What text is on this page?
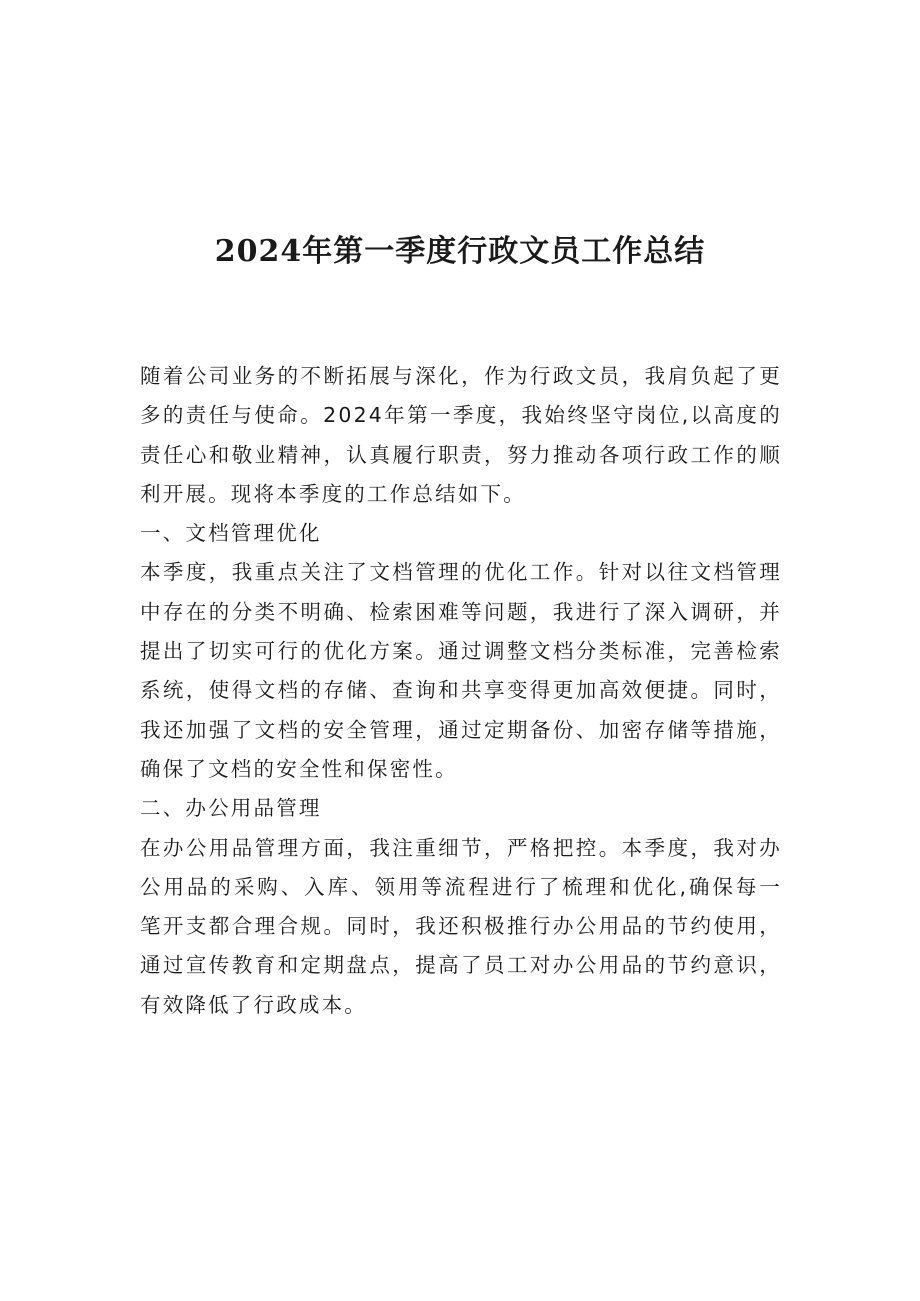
2024年第一季度行政文员工作总结

随着公司业务的不断拓展与深化，作为行政文员，我肩负起了更多的责任与使命。2024年第一季度，我始终坚守岗位,以高度的责任心和敬业精神，认真履行职责，努力推动各项行政工作的顺利开展。现将本季度的工作总结如下。

一、文档管理优化

本季度，我重点关注了文档管理的优化工作。针对以往文档管理中存在的分类不明确、检索困难等问题，我进行了深入调研，并提出了切实可行的优化方案。通过调整文档分类标准，完善检索系统，使得文档的存储、查询和共享变得更加高效便捷。同时，我还加强了文档的安全管理，通过定期备份、加密存储等措施，确保了文档的安全性和保密性。

二、办公用品管理

在办公用品管理方面，我注重细节，严格把控。本季度，我对办公用品的采购、入库、领用等流程进行了梳理和优化,确保每一笔开支都合理合规。同时，我还积极推行办公用品的节约使用，通过宣传教育和定期盘点，提高了员工对办公用品的节约意识，有效降低了行政成本。
